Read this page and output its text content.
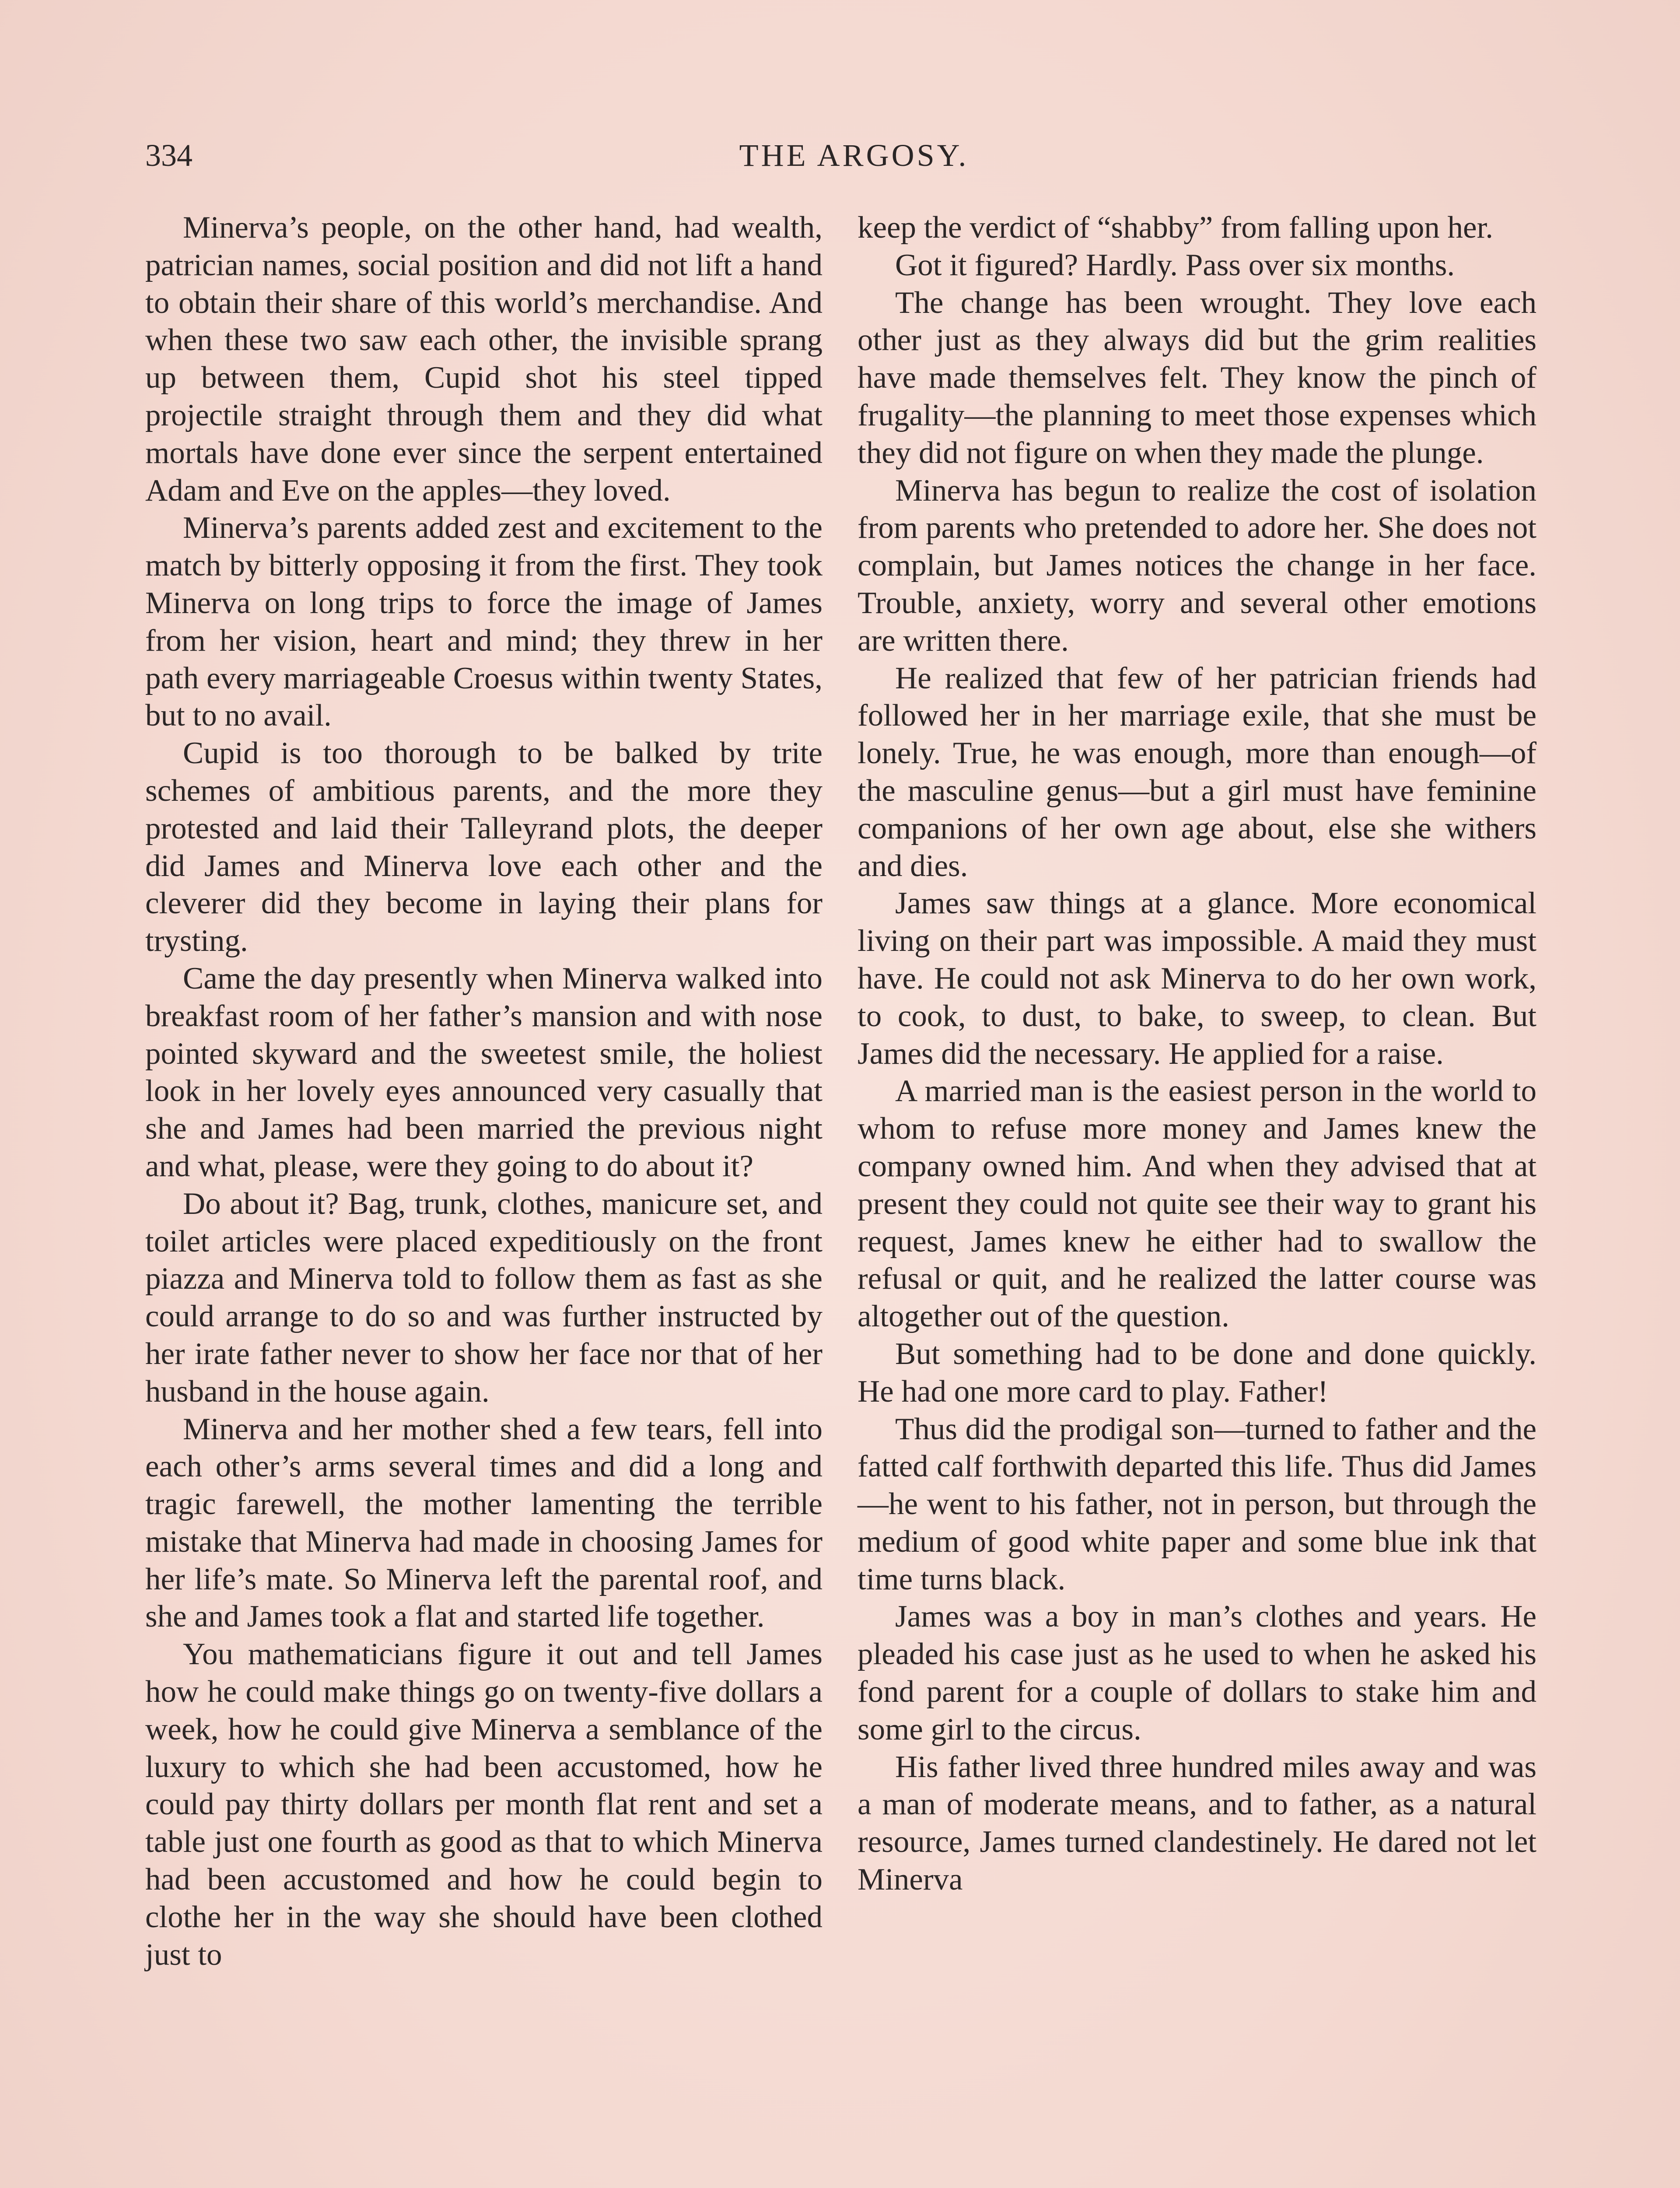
334	THE ARGOSY.

Minerva’s people, on the other hand, had wealth, patrician names, social position and did not lift a hand to obtain their share of this world’s merchandise. And when these two saw each other, the invisible sprang up between them, Cupid shot his steel tipped projectile straight through them and they did what mortals have done ever since the serpent entertained Adam and Eve on the apples—they loved.

Minerva’s parents added zest and excitement to the match by bitterly opposing it from the first. They took Minerva on long trips to force the image of James from her vision, heart and mind; they threw in her path every marriageable Croesus within twenty States, but to no avail.

Cupid is too thorough to be balked by trite schemes of ambitious parents, and the more they protested and laid their Talleyrand plots, the deeper did James and Minerva love each other and the cleverer did they become in laying their plans for trysting.

Came the day presently when Minerva walked into breakfast room of her father’s mansion and with nose pointed skyward and the sweetest smile, the holiest look in her lovely eyes announced very casually that she and James had been married the previous night and what, please, were they going to do about it?

Do about it? Bag, trunk, clothes, manicure set, and toilet articles were placed expeditiously on the front piazza and Minerva told to follow them as fast as she could arrange to do so and was further instructed by her irate father never to show her face nor that of her husband in the house again.

Minerva and her mother shed a few tears, fell into each other’s arms several times and did a long and tragic farewell, the mother lamenting the terrible mistake that Minerva had made in choosing James for her life’s mate. So Minerva left the parental roof, and she and James took a flat and started life together.

You mathematicians figure it out and tell James how he could make things go on twenty-five dollars a week, how he could give Minerva a semblance of the luxury to which she had been accustomed, how he could pay thirty dollars per month flat rent and set a table just one fourth as good as that to which Minerva had been accustomed and how he could begin to clothe her in the way she should have been clothed just to

keep the verdict of “shabby” from falling upon her.

Got it figured? Hardly. Pass over six months.

The change has been wrought. They love each other just as they always did but the grim realities have made themselves felt. They know the pinch of frugality—the planning to meet those expenses which they did not figure on when they made the plunge.

Minerva has begun to realize the cost of isolation from parents who pretended to adore her. She does not complain, but James notices the change in her face. Trouble, anxiety, worry and several other emotions are written there.

He realized that few of her patrician friends had followed her in her marriage exile, that she must be lonely. True, he was enough, more than enough—of the masculine genus—but a girl must have feminine companions of her own age about, else she withers and dies.

James saw things at a glance. More economical living on their part was impossible. A maid they must have. He could not ask Minerva to do her own work, to cook, to dust, to bake, to sweep, to clean. But James did the necessary. He applied for a raise.

A married man is the easiest person in the world to whom to refuse more money and James knew the company owned him. And when they advised that at present they could not quite see their way to grant his request, James knew he either had to swallow the refusal or quit, and he realized the latter course was altogether out of the question.

But something had to be done and done quickly. He had one more card to play. Father!

Thus did the prodigal son—turned to father and the fatted calf forthwith departed this life. Thus did James—he went to his father, not in person, but through the medium of good white paper and some blue ink that time turns black.

James was a boy in man’s clothes and years. He pleaded his case just as he used to when he asked his fond parent for a couple of dollars to stake him and some girl to the circus.

His father lived three hundred miles away and was a man of moderate means, and to father, as a natural resource, James turned clandestinely. He dared not let Minerva
